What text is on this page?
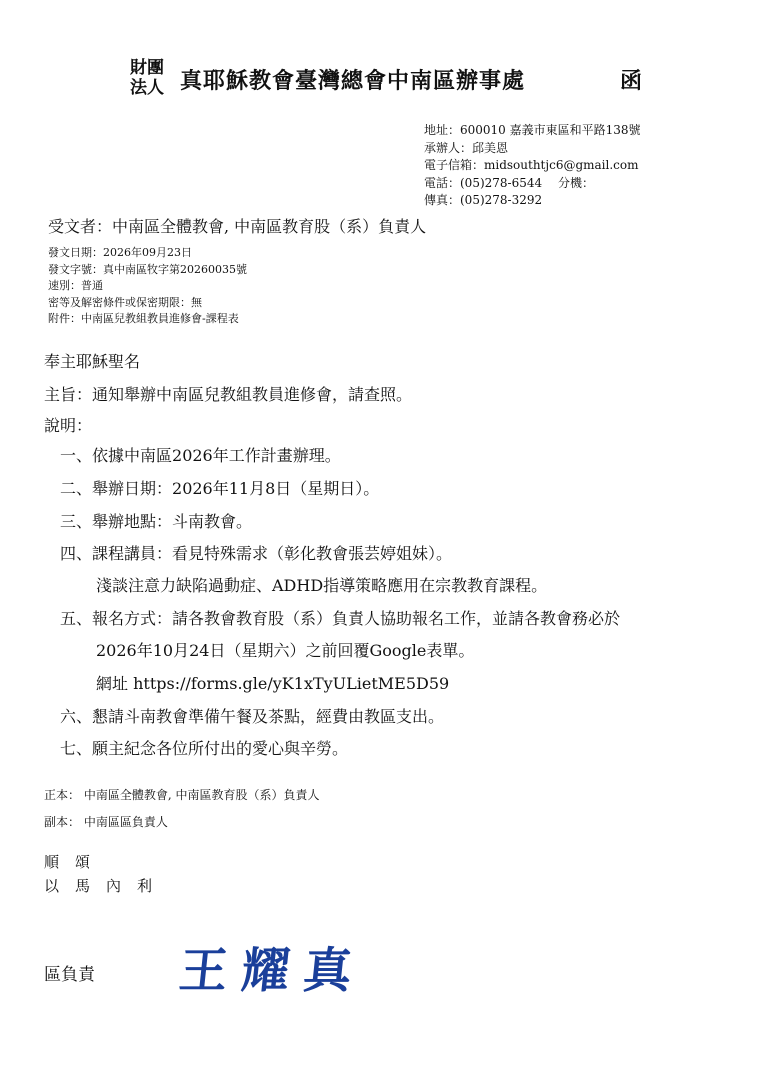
財團
法人 真耶穌教會臺灣總會中南區辦事處	函
地址：600010 嘉義市東區和平路138號
承辦人：邱美恩
電子信箱：midsouthtjc6@gmail.com
電話：(05)278-6544　 分機：
傳真：(05)278-3292
受文者：中南區全體教會, 中南區教育股（系）負責人
發文日期：2026年09月23日
發文字號：真中南區牧字第20260035號
速別：普通
密等及解密條件或保密期限：無
附件：中南區兒教組教員進修會-課程表
奉主耶穌聖名
主旨：通知舉辦中南區兒教組教員進修會，請查照。
說明：
一、依據中南區2026年工作計畫辦理。
二、舉辦日期：2026年11月8日（星期日）。
三、舉辦地點：斗南教會。
四、課程講員：看見特殊需求（彰化教會張芸婷姐妹）。
淺談注意力缺陷過動症、ADHD指導策略應用在宗教教育課程。
五、報名方式：請各教會教育股（系）負責人協助報名工作，並請各教會務必於
2026年10月24日（星期六）之前回覆Google表單。
網址 https://forms.gle/yK1xTyULietME5D59
六、懇請斗南教會準備午餐及茶點，經費由教區支出。
七、願主紀念各位所付出的愛心與辛勞。
正本： 中南區全體教會, 中南區教育股（系）負責人
副本： 中南區區負責人
順頌
以馬內利
區負責 王耀真
